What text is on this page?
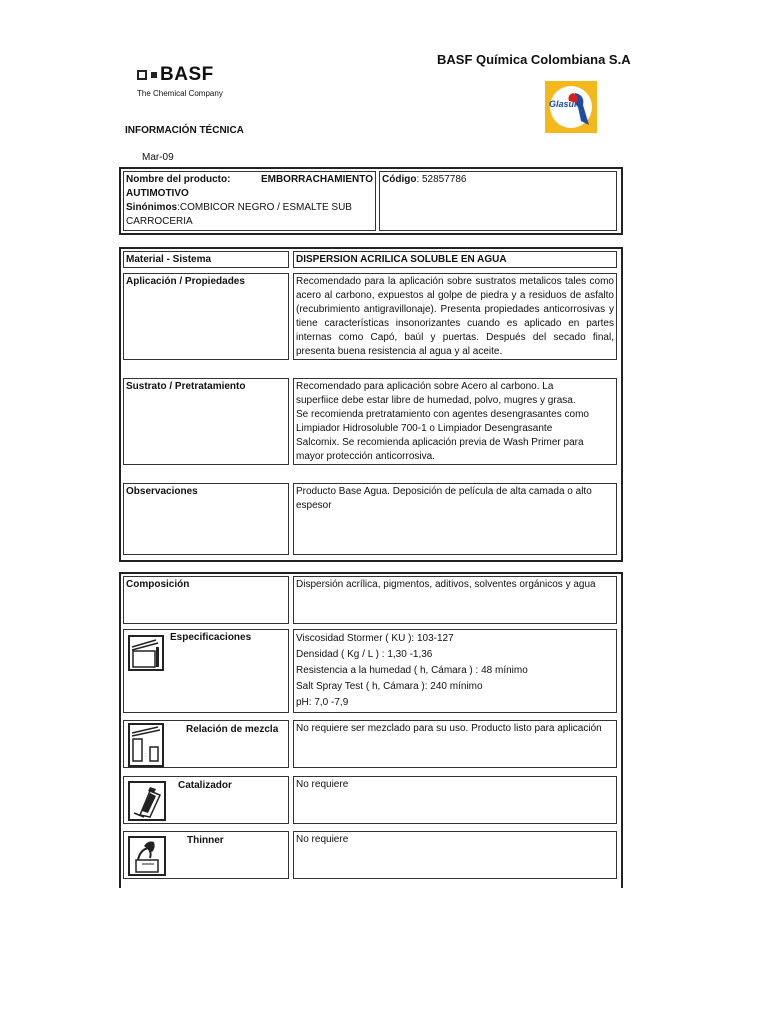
BASF Química Colombiana S.A
BASF
The Chemical Company
Glasurit
INFORMACIÓN TÉCNICA
Mar-09
Nombre del producto:	EMBORRACHAMIENTO
AUTIMOTIVO
Sinónimos:COMBICOR NEGRO / ESMALTE SUB
CARROCERIA
Código: 52857786
Material - Sistema	DISPERSION ACRILICA SOLUBLE EN AGUA
Aplicación / Propiedades	Recomendado para la aplicación sobre sustratos metalicos tales como acero al carbono, expuestos al golpe de piedra y a residuos de asfalto (recubrimiento antigravillonaje). Presenta propiedades anticorrosivas y tiene características insonorizantes cuando es aplicado en partes internas como Capó, baúl y puertas. Después del secado final, presenta buena resistencia al agua y al aceite.
Sustrato / Pretratamiento	Recomendado para aplicación sobre Acero al carbono. La
superfiice debe estar libre de humedad, polvo, mugres y grasa.
Se recomienda pretratamiento con agentes desengrasantes como
Limpiador Hidrosoluble 700-1 o Limpiador Desengrasante
Salcomix. Se recomienda aplicación previa de Wash Primer para
mayor protección anticorrosiva.
Observaciones	Producto Base Agua. Deposición de película de alta camada o alto espesor
Composición	Dispersión acrílica, pigmentos, aditivos, solventes orgánicos y agua
Especificaciones	Viscosidad Stormer ( KU ): 103-127
Densidad ( Kg / L ) : 1,30 -1,36
Resistencia a la humedad ( h, Cámara ) : 48 mínimo
Salt Spray Test ( h, Cámara ): 240 mínimo
pH: 7,0 -7,9
:
Relación de mezcla	No requiere ser mezclado para su uso. Producto listo para aplicación
Catalizador	No requiere
Thinner	No requiere
